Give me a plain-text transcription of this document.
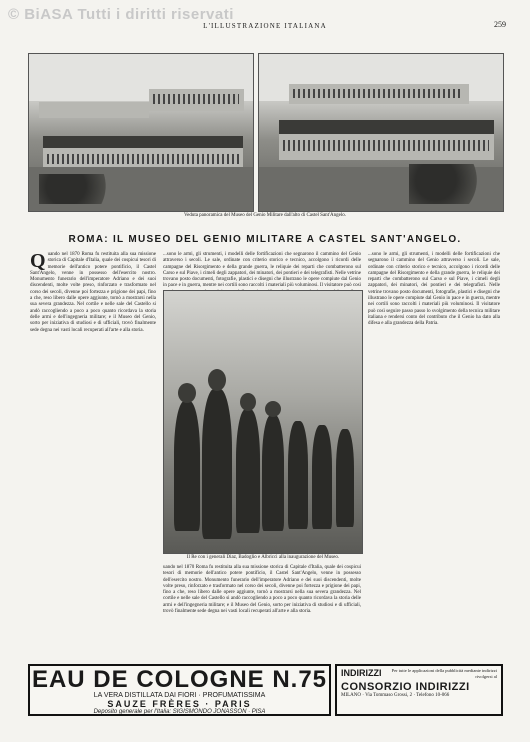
© BiASA Tutti i diritti riservati
L'ILLUSTRAZIONE ITALIANA	259
Veduta panoramica del Museo del Genio Militare dall'alto di Castel Sant'Angelo.
ROMA: IL MUSEO DEL GENIO MILITARE A CASTEL SANT'ANGELO.
Q uando nel 1870 Roma fu restituita alla sua missione storica di Capitale d'Italia, quale dei cospicui tesori di memorie dell'antico potere pontificio, il Castel Sant'Angelo, venne in possesso dell'esercito nostro. Monumento funerario dell'imperatore Adriano e dei suoi discendenti, molte volte preso, rinforzato e trasformato nel corso dei secoli, divenne poi fortezza e prigione dei papi, fino a che, reso libero dalle opere aggiunte, tornò a mostrarsi nella sua severa grandezza. Nel cortile e nelle sale del Castello si andò raccogliendo a poco a poco quanto ricordava la storia delle armi e dell'ingegneria militare; e il Museo del Genio, sorto per iniziativa di studiosi e di ufficiali, trovò finalmente sede degna nei vasti locali recuperati all'arte e alla storia.
...sono le armi, gli strumenti, i modelli delle fortificazioni che segnarono il cammino del Genio attraverso i secoli. Le sale, ordinate con criterio storico e tecnico, accolgono i ricordi delle campagne del Risorgimento e della grande guerra, le reliquie dei reparti che combatterono sul Carso e sul Piave, i cimeli degli zappatori, dei minatori, dei pontieri e dei telegrafisti. Nelle vetrine trovano posto documenti, fotografie, plastici e disegni che illustrano le opere compiute dal Genio in pace e in guerra, mentre nei cortili sono raccolti i materiali più voluminosi. Il visitatore può così
Il Re con i generali Diaz, Badoglio e Albricci alla inaugurazione del Museo.
...sono le armi, gli strumenti, i modelli delle fortificazioni che segnarono il cammino del Genio attraverso i secoli. Le sale, ordinate con criterio storico e tecnico, accolgono i ricordi delle campagne del Risorgimento e della grande guerra, le reliquie dei reparti che combatterono sul Carso e sul Piave, i cimeli degli zappatori, dei minatori, dei pontieri e dei telegrafisti. Nelle vetrine trovano posto documenti, fotografie, plastici e disegni che illustrano le opere compiute dal Genio in pace e in guerra, mentre nei cortili sono raccolti i materiali più voluminosi. Il visitatore può così seguire passo passo lo svolgimento della tecnica militare italiana e rendersi conto del contributo che il Genio ha dato alla difesa e alla grandezza della Patria.
uando nel 1870 Roma fu restituita alla sua missione storica di Capitale d'Italia, quale dei cospicui tesori di memorie dell'antico potere pontificio, il Castel Sant'Angelo, venne in possesso dell'esercito nostro. Monumento funerario dell'imperatore Adriano e dei suoi discendenti, molte volte preso, rinforzato e trasformato nel corso dei secoli, divenne poi fortezza e prigione dei papi, fino a che, reso libero dalle opere aggiunte, tornò a mostrarsi nella sua severa grandezza. Nel cortile e nelle sale del Castello si andò raccogliendo a poco a poco quanto ricordava la storia delle armi e dell'ingegneria militare; e il Museo del Genio, sorto per iniziativa di studiosi e di ufficiali, trovò finalmente sede degna nei vasti locali recuperati all'arte e alla storia.
EAU DE COLOGNE N.75
LA VERA DISTILLATA DAI FIORI · PROFUMATISSIMA
SAUZE FRÈRES · PARIS
Deposito generale per l'Italia: SIGISMONDO JONASSON · PISA
INDIRIZZI	Per tutte le applicazioni della pubblicità mediante indirizzi rivolgersi al
CONSORZIO INDIRIZZI
MILANO · Via Tommaso Grossi, 2 · Telefono 10-066
